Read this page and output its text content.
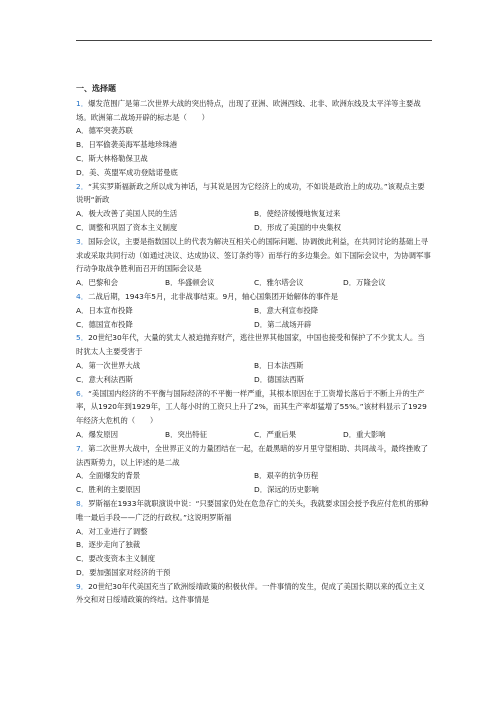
一、选择题
1．爆发范围广是第二次世界大战的突出特点，出现了亚洲、欧洲西线、北非、欧洲东线及太平洋等主要战场。欧洲第二战场开辟的标志是（　　）
A．德军突袭苏联
B．日军偷袭美海军基地珍珠港
C．斯大林格勒保卫战
D．美、英盟军成功登陆诺曼底
2．“其实罗斯福新政之所以成为神话，与其说是因为它经济上的成功，不如说是政治上的成功。”该观点主要说明“新政
A．极大改善了美国人民的生活	B．使经济缓慢地恢复过来
C．调整和巩固了资本主义制度	D．形成了美国的中央集权
3．国际会议，主要是指数国以上的代表为解决互相关心的国际问题、协调彼此利益，在共同讨论的基础上寻求或采取共同行动（如通过决议、达成协议、签订条约等）而举行的多边集会。如下国际会议中，为协调军事行动争取战争胜利而召开的国际会议是
A．巴黎和会	B．华盛顿会议	C．雅尔塔会议	D．万隆会议
4．二战后期，1943年5月，北非战事结束。9月，轴心国集团开始解体的事件是
A．日本宣布投降	B．意大利宣布投降
C．德国宣布投降	D．第二战场开辟
5．20世纪30年代，大量的犹太人被迫抛弃财产，逃往世界其他国家，中国也接受和保护了不少犹太人。当时犹太人主要受害于
A．第一次世界大战	B．日本法西斯
C．意大利法西斯	D．德国法西斯
6．“美国国内经济的不平衡与国际经济的不平衡一样严重，其根本原因在于工资增长落后于不断上升的生产率，从1920年到1929年，工人每小时的工资只上升了2%，而其生产率却猛增了55%。”该材料显示了1929年经济大危机的（　　）
A．爆发原因	B．突出特征	C．严重后果	D．重大影响
7．第二次世界大战中，全世界正义的力量团结在一起，在最黑暗的岁月里守望相助、共同战斗，最终挫败了法西斯势力，以上评述的是二战
A．全面爆发的背景	B．艰辛的抗争历程
C．胜利的主要原因	D．深远的历史影响
8．罗斯福在1933年就职演说中说：“只要国家仍处在危急存亡的关头，我就要求国会授予我应付危机的那种唯一最后手段——广泛的行政权。”这说明罗斯福
A．对工业进行了调整
B．逐步走向了独裁
C．要改变资本主义制度
D．要加强国家对经济的干预
9．20世纪30年代美国充当了欧洲绥靖政策的积极伙伴。一件事情的发生，促成了美国长期以来的孤立主义外交和对日绥靖政策的终结。这件事情是
